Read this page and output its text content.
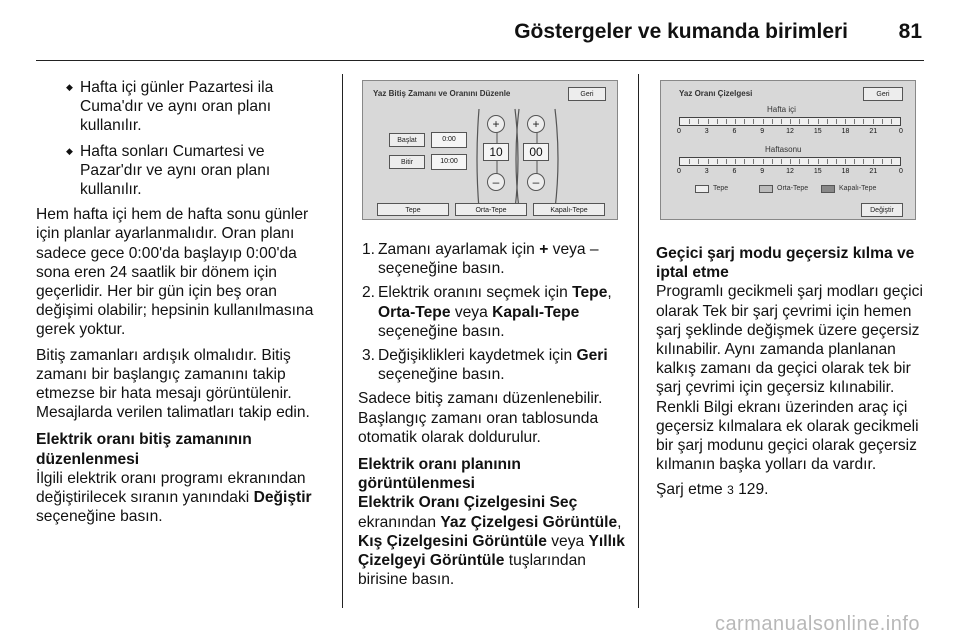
Göstergeler ve kumanda birimleri 81
◆ Hafta içi günler Pazartesi ila Cuma'dır ve aynı oran planı kullanılır.
◆ Hafta sonları Cumartesi ve Pazar'dır ve aynı oran planı kullanılır.

Hem hafta içi hem de hafta sonu günler için planlar ayarlanmalıdır. Oran planı sadece gece 0:00'da başlayıp 0:00'da sona eren 24 saatlik bir dönem için geçerlidir. Her bir gün için beş oran değişimi olabilir; hepsinin kullanılmasına gerek yoktur.

Bitiş zamanları ardışık olmalıdır. Bitiş zamanı bir başlangıç zamanını takip etmezse bir hata mesajı görüntülenir. Mesajlarda verilen talimatları takip edin.

Elektrik oranı bitiş zamanının düzenlenmesi

İlgili elektrik oranı programı ekranından değiştirilecek sıranın yanındaki Değiştir seçeneğine basın.

Yaz Bitiş Zamanı ve Oranını Düzenle	Geri
Başlat	0:00
Bitir	10:00
+
10
–
+
00
–
Tepe	Orta-Tepe	Kapalı-Tepe
1. Zamanı ayarlamak için + veya – seçeneğine basın.
2. Elektrik oranını seçmek için Tepe, Orta-Tepe veya Kapalı-Tepe seçeneğine basın.
3. Değişiklikleri kaydetmek için Geri seçeneğine basın.

Sadece bitiş zamanı düzenlenebilir. Başlangıç zamanı oran tablosunda otomatik olarak doldurulur.

Elektrik oranı planının görüntülenmesi

Elektrik Oranı Çizelgesini Seç

ekranından Yaz Çizelgesi Görüntüle, Kış Çizelgesini Görüntüle veya Yıllık Çizelgeyi Görüntüle tuşlarından birisine basın.

Yaz Oranı Çizelgesi	Geri
Hafta içi
0	3	6	9	12	15	18	21	0
Haftasonu
0	3	6	9	12	15	18	21	0
Tepe	Orta-Tepe	Kapalı-Tepe
Değiştir

Geçici şarj modu geçersiz kılma ve iptal etme

Programlı gecikmeli şarj modları geçici olarak Tek bir şarj çevrimi için hemen şarj şeklinde değişmek üzere geçersiz kılınabilir. Aynı zamanda planlanan kalkış zamanı da geçici olarak tek bir şarj çevrimi için geçersiz kılınabilir. Renkli Bilgi ekranı üzerinden araç içi geçersiz kılmalara ek olarak gecikmeli bir şarj modunu geçici olarak geçersiz kılmanın başka yolları da vardır.

Şarj etme 3 129.

carmanualsonline.info
